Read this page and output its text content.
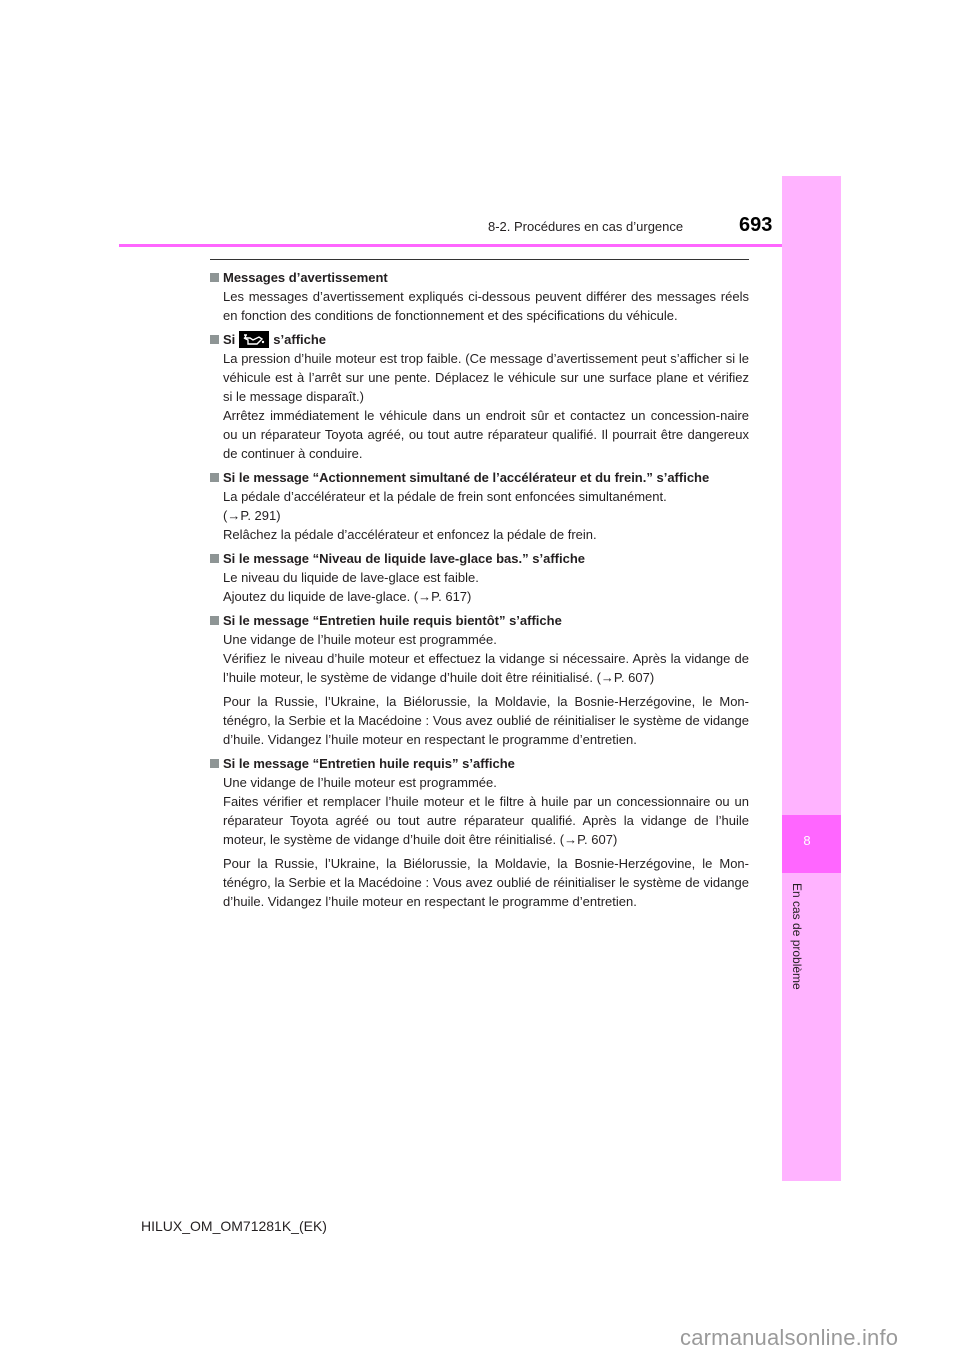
8-2. Procédures en cas d’urgence	693
8
En cas de problème
Messages d’avertissement

Les messages d’avertissement expliqués ci-dessous peuvent différer des messages réels en fonction des conditions de fonctionnement et des spécifications du véhicule.

Si	s’affiche

La pression d’huile moteur est trop faible. (Ce message d’avertissement peut s’afficher si le véhicule est à l’arrêt sur une pente. Déplacez le véhicule sur une surface plane et vérifiez si le message disparaît.)

Arrêtez immédiatement le véhicule dans un endroit sûr et contactez un concession-naire ou un réparateur Toyota agréé, ou tout autre réparateur qualifié. Il pourrait être dangereux de continuer à conduire.

Si le message “Actionnement simultané de l’accélérateur et du frein.” s’affiche

La pédale d’accélérateur et la pédale de frein sont enfoncées simultanément.

(→P. 291)

Relâchez la pédale d’accélérateur et enfoncez la pédale de frein.

Si le message “Niveau de liquide lave-glace bas.” s’affiche

Le niveau du liquide de lave-glace est faible.

Ajoutez du liquide de lave-glace. (→P. 617)

Si le message “Entretien huile requis bientôt” s’affiche

Une vidange de l’huile moteur est programmée.

Vérifiez le niveau d’huile moteur et effectuez la vidange si nécessaire. Après la vidange de l’huile moteur, le système de vidange d’huile doit être réinitialisé. (→P. 607)

Pour la Russie, l’Ukraine, la Biélorussie, la Moldavie, la Bosnie-Herzégovine, le Mon-ténégro, la Serbie et la Macédoine : Vous avez oublié de réinitialiser le système de vidange d’huile. Vidangez l’huile moteur en respectant le programme d’entretien.

Si le message “Entretien huile requis” s’affiche

Une vidange de l’huile moteur est programmée.

Faites vérifier et remplacer l’huile moteur et le filtre à huile par un concessionnaire ou un réparateur Toyota agréé ou tout autre réparateur qualifié. Après la vidange de l’huile moteur, le système de vidange d’huile doit être réinitialisé. (→P. 607)

Pour la Russie, l’Ukraine, la Biélorussie, la Moldavie, la Bosnie-Herzégovine, le Mon-ténégro, la Serbie et la Macédoine : Vous avez oublié de réinitialiser le système de vidange d’huile. Vidangez l’huile moteur en respectant le programme d’entretien.

HILUX_OM_OM71281K_(EK)
carmanualsonline.info
